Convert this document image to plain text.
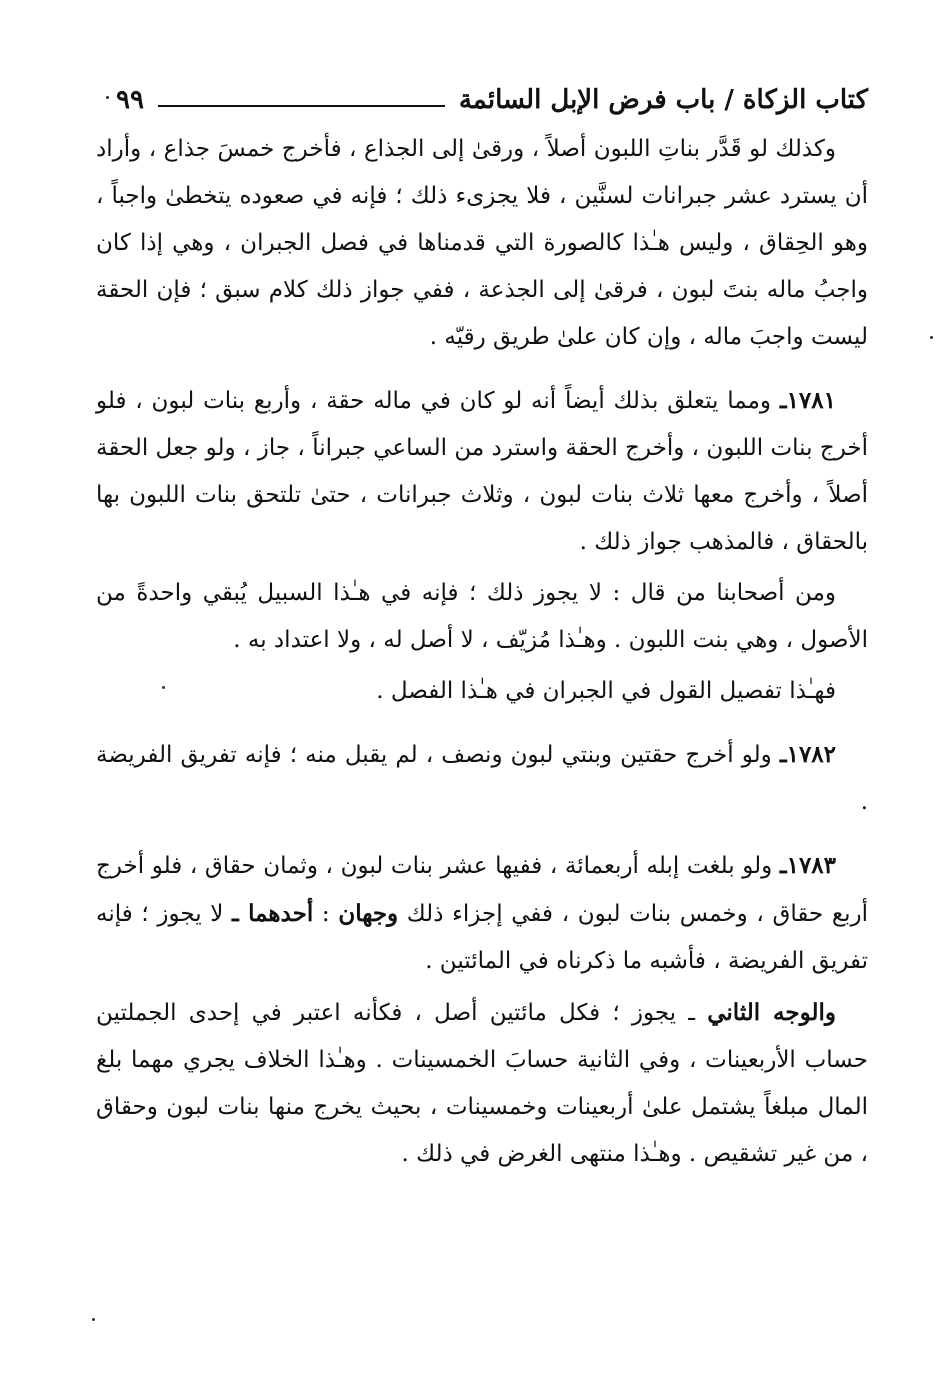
كتاب الزكاة / باب فرض الإبل السائمة
٩٩

وكذلك لو قَدَّر بناتِ اللبون أصلاً ، ورقىٰ إلى الجذاع ، فأخرج خمسَ جذاع ، وأراد أن يسترد عشر جبرانات لسنَّين ، فلا يجزىء ذلك ؛ فإنه في صعوده يتخطىٰ واجباً ، وهو الحِقاق ، وليس هـٰذا كالصورة التي قدمناها في فصل الجبران ، وهي إذا كان واجبُ ماله بنتَ لبون ، فرقىٰ إلى الجذعة ، ففي جواز ذلك كلام سبق ؛ فإن الحقة ليست واجبَ ماله ، وإن كان علىٰ طريق رقيّه .

١٧٨١ـ ومما يتعلق بذلك أيضاً أنه لو كان في ماله حقة ، وأربع بنات لبون ، فلو أخرج بنات اللبون ، وأخرج الحقة واسترد من الساعي جبراناً ، جاز ، ولو جعل الحقة أصلاً ، وأخرج معها ثلاث بنات لبون ، وثلاث جبرانات ، حتىٰ تلتحق بنات اللبون بها بالحقاق ، فالمذهب جواز ذلك .

ومن أصحابنا من قال : لا يجوز ذلك ؛ فإنه في هـٰذا السبيل يُبقي واحدةً من الأصول ، وهي بنت اللبون . وهـٰذا مُزيّف ، لا أصل له ، ولا اعتداد به .

فهـٰذا تفصيل القول في الجبران في هـٰذا الفصل .

١٧٨٢ـ ولو أخرج حقتين وبنتي لبون ونصف ، لم يقبل منه ؛ فإنه تفريق الفريضة .

١٧٨٣ـ ولو بلغت إبله أربعمائة ، ففيها عشر بنات لبون ، وثمان حقاق ، فلو أخرج أربع حقاق ، وخمس بنات لبون ، ففي إجزاء ذلك وجهان : أحدهما ـ لا يجوز ؛ فإنه تفريق الفريضة ، فأشبه ما ذكرناه في المائتين .

والوجه الثاني ـ يجوز ؛ فكل مائتين أصل ، فكأنه اعتبر في إحدى الجملتين حساب الأربعينات ، وفي الثانية حسابَ الخمسينات . وهـٰذا الخلاف يجري مهما بلغ المال مبلغاً يشتمل علىٰ أربعينات وخمسينات ، بحيث يخرج منها بنات لبون وحقاق ، من غير تشقيص . وهـٰذا منتهى الغرض في ذلك .
